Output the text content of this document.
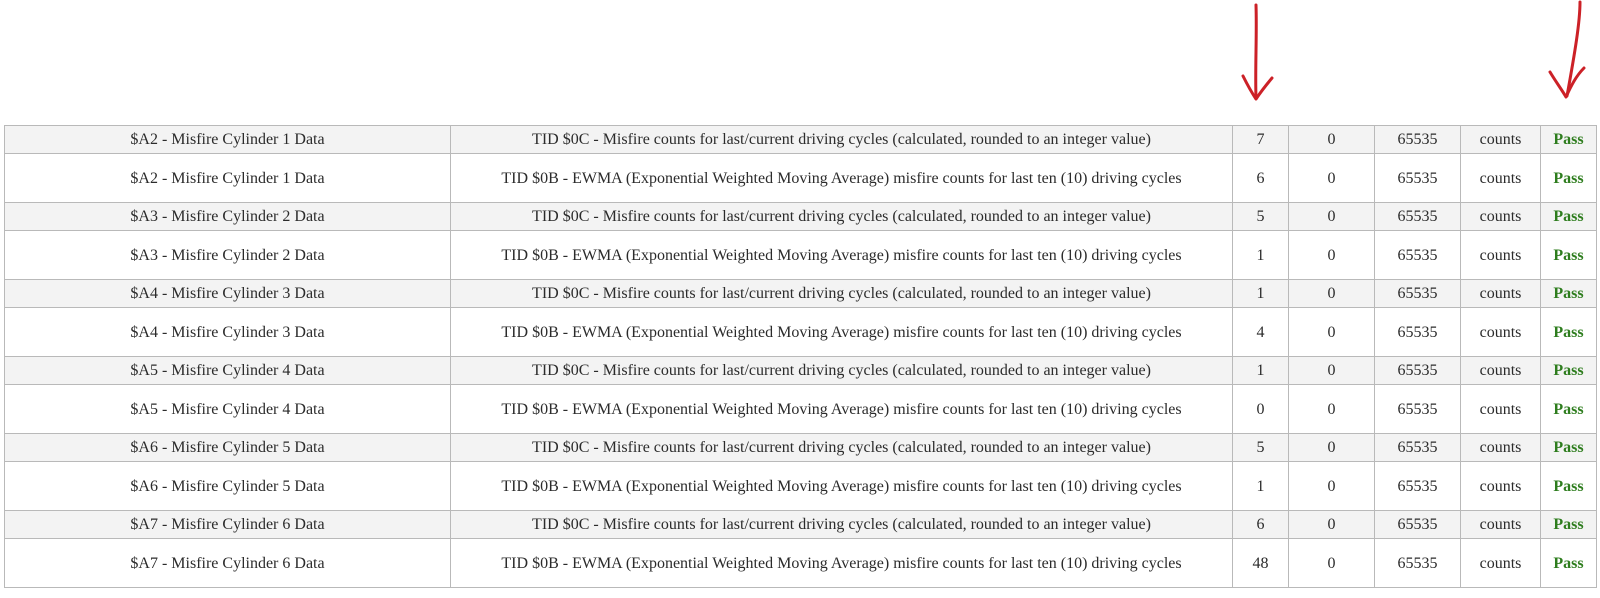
$A2 - Misfire Cylinder 1 Data	TID $0C - Misfire counts for last/current driving cycles (calculated, rounded to an integer value)	7	0	65535	counts	Pass
$A2 - Misfire Cylinder 1 Data	TID $0B - EWMA (Exponential Weighted Moving Average) misfire counts for last ten (10) driving cycles	6	0	65535	counts	Pass
$A3 - Misfire Cylinder 2 Data	TID $0C - Misfire counts for last/current driving cycles (calculated, rounded to an integer value)	5	0	65535	counts	Pass
$A3 - Misfire Cylinder 2 Data	TID $0B - EWMA (Exponential Weighted Moving Average) misfire counts for last ten (10) driving cycles	1	0	65535	counts	Pass
$A4 - Misfire Cylinder 3 Data	TID $0C - Misfire counts for last/current driving cycles (calculated, rounded to an integer value)	1	0	65535	counts	Pass
$A4 - Misfire Cylinder 3 Data	TID $0B - EWMA (Exponential Weighted Moving Average) misfire counts for last ten (10) driving cycles	4	0	65535	counts	Pass
$A5 - Misfire Cylinder 4 Data	TID $0C - Misfire counts for last/current driving cycles (calculated, rounded to an integer value)	1	0	65535	counts	Pass
$A5 - Misfire Cylinder 4 Data	TID $0B - EWMA (Exponential Weighted Moving Average) misfire counts for last ten (10) driving cycles	0	0	65535	counts	Pass
$A6 - Misfire Cylinder 5 Data	TID $0C - Misfire counts for last/current driving cycles (calculated, rounded to an integer value)	5	0	65535	counts	Pass
$A6 - Misfire Cylinder 5 Data	TID $0B - EWMA (Exponential Weighted Moving Average) misfire counts for last ten (10) driving cycles	1	0	65535	counts	Pass
$A7 - Misfire Cylinder 6 Data	TID $0C - Misfire counts for last/current driving cycles (calculated, rounded to an integer value)	6	0	65535	counts	Pass
$A7 - Misfire Cylinder 6 Data	TID $0B - EWMA (Exponential Weighted Moving Average) misfire counts for last ten (10) driving cycles	48	0	65535	counts	Pass
